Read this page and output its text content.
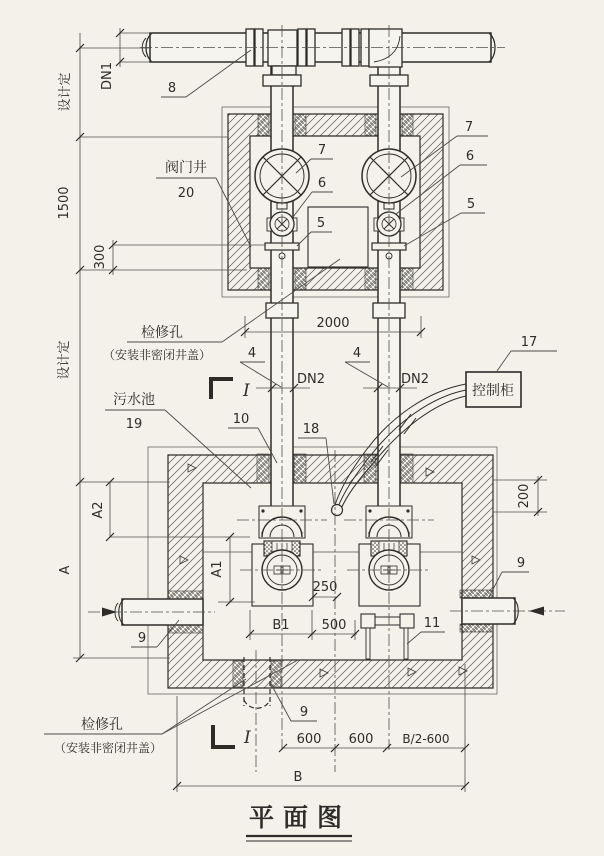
控制柜
设计定
1500
设计定
A
300
DN1
A2
A1
200
2000
DN2	DN2
250
B1 500
600 600 B/2-600
B
I
I
8
7
6
5
7
6
5
4	4
9
9
9
10
11
17
18
阀门井
20
污水池
19
检修孔
（安装非密闭井盖）
检修孔
（安装非密闭井盖）
平面图
